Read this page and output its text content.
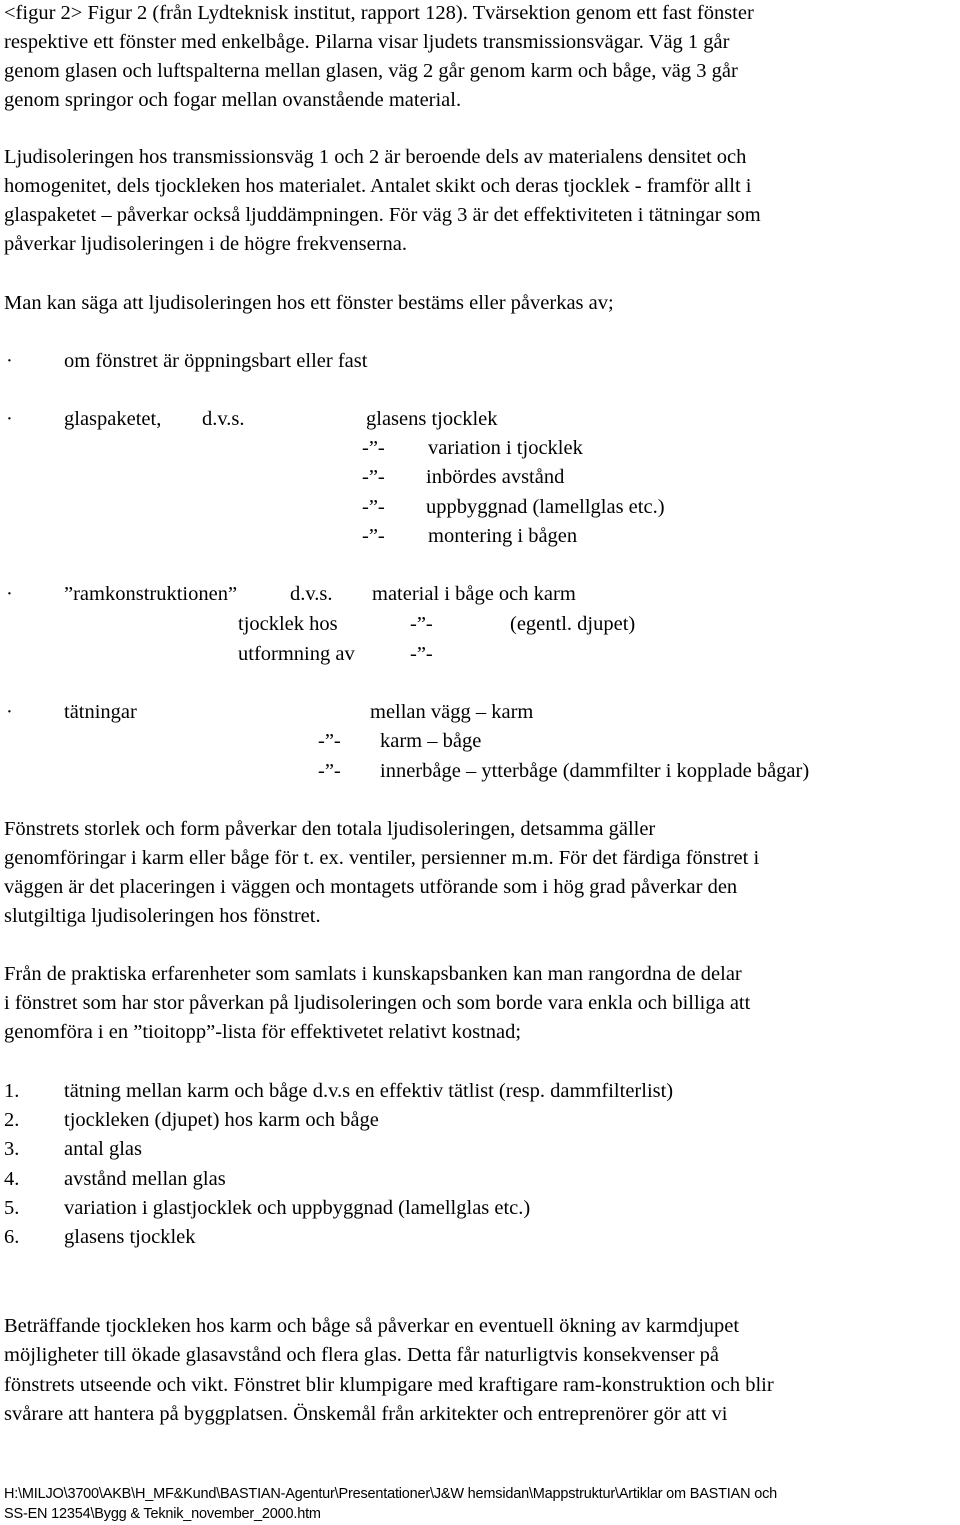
<figur 2> Figur 2 (från Lydteknisk institut, rapport 128). Tvärsektion genom ett fast fönster

respektive ett fönster med enkelbåge. Pilarna visar ljudets transmissionsvägar. Väg 1 går

genom glasen och luftspalterna mellan glasen, väg 2 går genom karm och båge, väg 3 går

genom springor och fogar mellan ovanstående material.

Ljudisoleringen hos transmissionsväg 1 och 2 är beroende dels av materialens densitet och

homogenitet, dels tjockleken hos materialet. Antalet skikt och deras tjocklek - framför allt i

glaspaketet – påverkar också ljuddämpningen. För väg 3 är det effektiviteten i tätningar som

påverkar ljudisoleringen i de högre frekvenserna.

Man kan säga att ljudisoleringen hos ett fönster bestäms eller påverkas av;

· om fönstret är öppningsbart eller fast
· glaspaketet, d.v.s.	glasens tjocklek
-”- variation i tjocklek
-”- inbördes avstånd
-”- uppbyggnad (lamellglas etc.)
-”- montering i bågen
· ”ramkonstruktionen”	d.v.s. material i båge och karm
tjocklek hos	-”-	(egentl. djupet)
utformning av	-”-
· tätningar	mellan vägg – karm
-”- karm – båge
-”- innerbåge – ytterbåge (dammfilter i kopplade bågar)

Fönstrets storlek och form påverkar den totala ljudisoleringen, detsamma gäller

genomföringar i karm eller båge för t. ex. ventiler, persienner m.m. För det färdiga fönstret i

väggen är det placeringen i väggen och montagets utförande som i hög grad påverkar den

slutgiltiga ljudisoleringen hos fönstret.

Från de praktiska erfarenheter som samlats i kunskapsbanken kan man rangordna de delar

i fönstret som har stor påverkan på ljudisoleringen och som borde vara enkla och billiga att

genomföra i en ”tioitopp”-lista för effektivetet relativt kostnad;

1. tätning mellan karm och båge d.v.s en effektiv tätlist (resp. dammfilterlist)
2. tjockleken (djupet) hos karm och båge
3. antal glas
4. avstånd mellan glas
5. variation i glastjocklek och uppbyggnad (lamellglas etc.)
6. glasens tjocklek

Beträffande tjockleken hos karm och båge så påverkar en eventuell ökning av karmdjupet

möjligheter till ökade glasavstånd och flera glas. Detta får naturligtvis konsekvenser på

fönstrets utseende och vikt. Fönstret blir klumpigare med kraftigare ram-konstruktion och blir

svårare att hantera på byggplatsen. Önskemål från arkitekter och entreprenörer gör att vi

H:\MILJO\3700\AKB\H_MF&Kund\BASTIAN-Agentur\Presentationer\J&W hemsidan\Mappstruktur\Artiklar om BASTIAN och
SS-EN 12354\Bygg & Teknik_november_2000.htm
